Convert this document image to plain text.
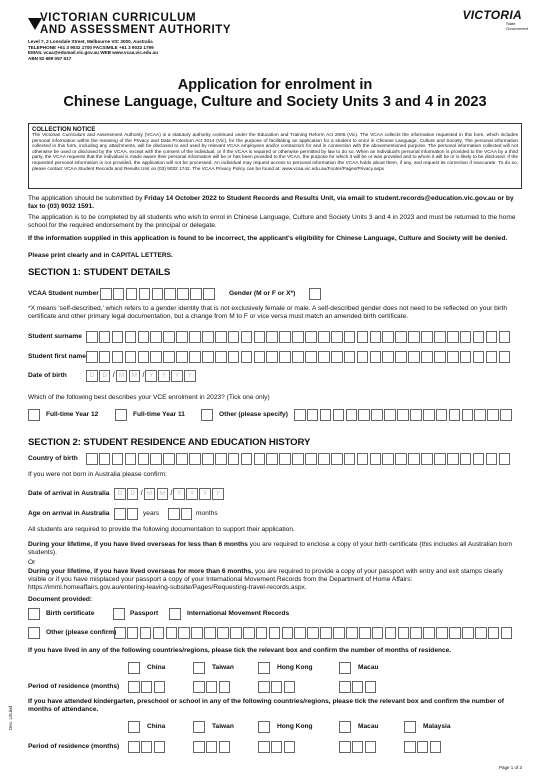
VICTORIAN CURRICULUM
AND ASSESSMENT AUTHORITY
Level 7, 2 Lonsdale Street, Melbourne VIC 3000, Australia
TELEPHONE +61 3 9032 1700 FACSIMILE +61 3 9032 1799
EMAIL vcaa@edumail.vic.gov.au WEB www.vcaa.vic.edu.au
ABN 52 689 057 617
VICTORIA
State Government
Application for enrolment in
Chinese Language, Culture and Society Units 3 and 4 in 2023
COLLECTION NOTICE
The Victorian Curriculum and Assessment Authority (VCAA) is a statutory authority continued under the Education and Training Reform Act 2006 (Vic). The VCAA collects the information requested in this form, which includes personal information within the meaning of the Privacy and Data Protection Act 2014 (Vic), for the purpose of facilitating an application for a student to enrol in Chinese Language, Culture and Society. The personal information collected in this form, including any attachments, will be disclosed to and used by relevant VCAA employees and/or contractors for and in connection with the abovementioned purpose. The personal information collected will not otherwise be used or disclosed by the VCAA, except with the consent of the individual, or if the VCAA is required or otherwise permitted by law to do so. When an individual's personal information is provided to the VCAA by a third party, the VCAA requests that the individual is made aware their personal information will be or has been provided to the VCAA, the purpose for which it will be or was provided and to whom it will be or is likely to be disclosed. If the requested personal information is not provided, the application will not be processed. An individual may request access to personal information the VCAA holds about them, if any, and request its correction if inaccurate. To do so, please contact VCAA Student Records and Results Unit on (03) 9032 1742. The VCAA Privacy Policy can be found at: www.vcaa.vic.edu.au/Footer/Pages/Privacy.aspx
The application should be submitted by Friday 14 October 2022 to Student Records and Results Unit, via email to student.records@education.vic.gov.au or by fax to (03) 9032 1591.
The application is to be completed by all students who wish to enrol in Chinese Language, Culture and Society Units 3 and 4 in 2023 and must be returned to the home school for the required endorsement by the principal or delegate.
If the information supplied in this application is found to be incorrect, the applicant's eligibility for Chinese Language, Culture and Society will be denied.
Please print clearly and in CAPITAL LETTERS.
SECTION 1: STUDENT DETAILS
VCAA Student number	Gender (M or F or X*)
*X means 'self-described,' which refers to a gender identity that is not exclusively female or male. A self-described gender does not need to be reflected on your birth certificate and other primary legal documentation, but a change from M to F or vice versa must match an amended birth certificate.
Student surname
Student first name
Date of birth	D	D / M	M / Y	Y	Y	Y
Which of the following best describes your VCE enrolment in 2023? (Tick one only)
Full-time Year 12	Full-time Year 11	Other (please specify)
SECTION 2: STUDENT RESIDENCE AND EDUCATION HISTORY
Country of birth
If you were not born in Australia please confirm:
Date of arrival in Australia	D	D / M	M / Y	Y	Y	Y
Age on arrival in Australia	years	months
All students are required to provide the following documentation to support their application.
During your lifetime, if you have lived overseas for less than 6 months you are required to enclose a copy of your birth certificate (this includes all Australian born students).
Or
During your lifetime, if you have lived overseas for more than 6 months, you are required to provide a copy of your passport with entry and exit stamps clearly visible or if you have misplaced your passport a copy of your International Movement Records from the Department of Home Affairs: https://immi.homeaffairs.gov.au/entering-leaving-subsite/Pages/Requesting-travel-records.aspx.
Document provided:
Birth certificate	Passport	International Movement Records
Other (please confirm)
If you have lived in any of the following countries/regions, please tick the relevant box and confirm the number of months of residence.
China	Taiwan	Hong Kong	Macau
Period of residence (months)
If you have attended kindergarten, preschool or school in any of the following countries/regions, please tick the relevant box and confirm the number of months of attendance.
China	Taiwan	Hong Kong	Macau	Malaysia
Period of residence (months)
Dec. US.ind
Page 1 of 3
